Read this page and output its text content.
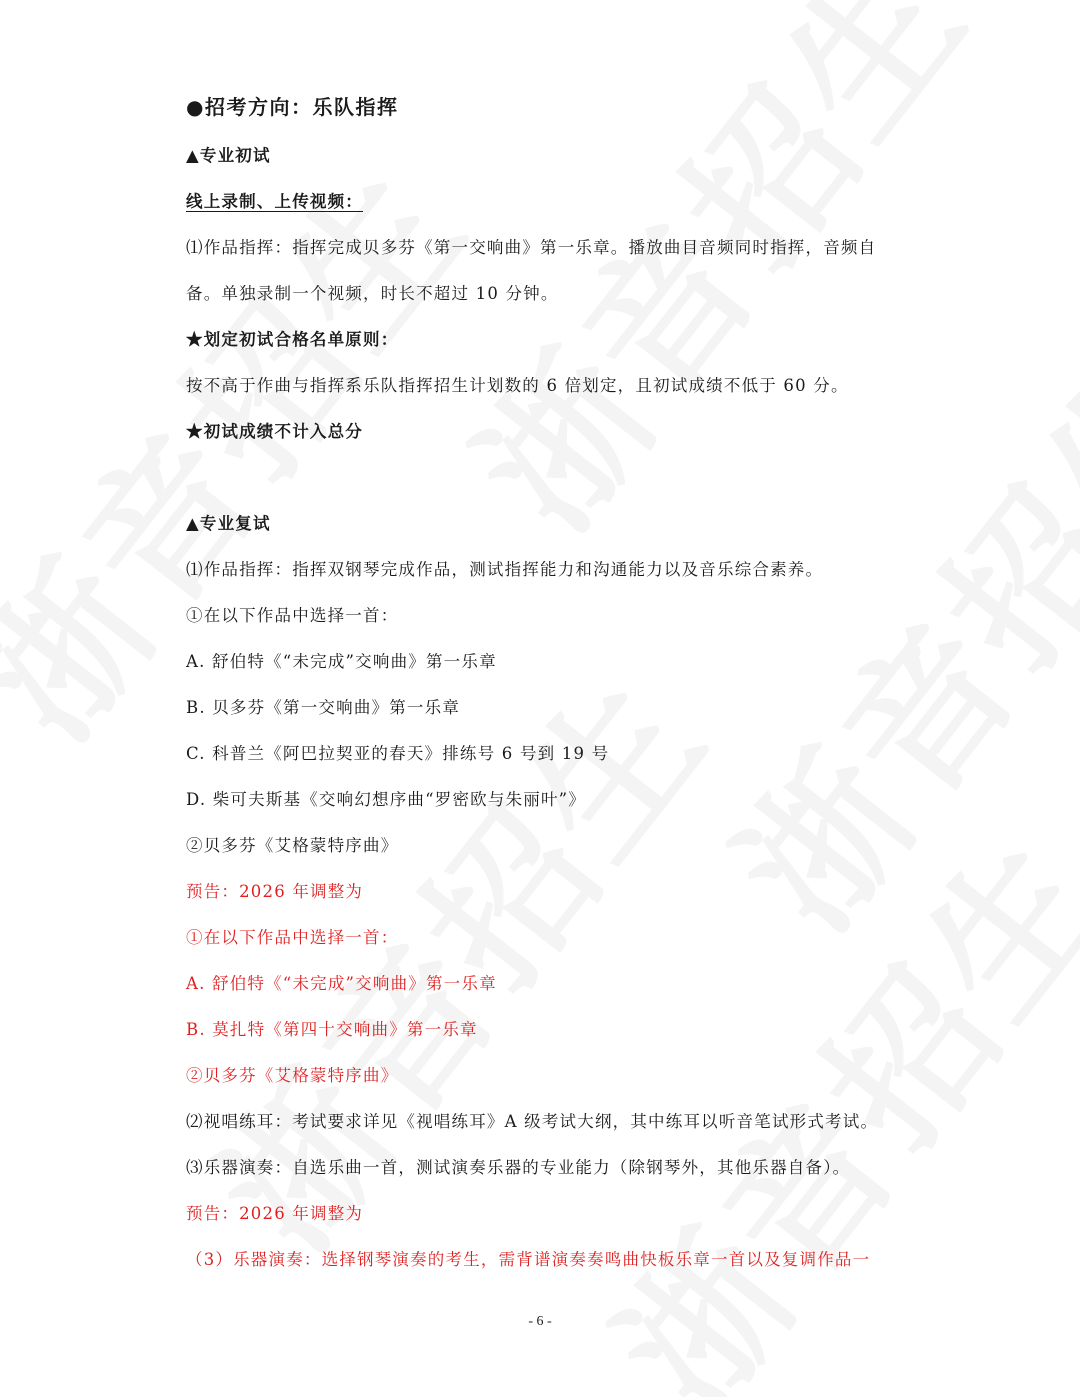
●招考方向：乐队指挥
▲专业初试
线上录制、上传视频：
⑴作品指挥：指挥完成贝多芬《第一交响曲》第一乐章。播放曲目音频同时指挥，音频自
备。单独录制一个视频，时长不超过 10 分钟。
★划定初试合格名单原则：
按不高于作曲与指挥系乐队指挥招生计划数的 6 倍划定，且初试成绩不低于 60 分。
★初试成绩不计入总分
▲专业复试
⑴作品指挥：指挥双钢琴完成作品，测试指挥能力和沟通能力以及音乐综合素养。
①在以下作品中选择一首：
A. 舒伯特《“未完成”交响曲》第一乐章
B. 贝多芬《第一交响曲》第一乐章
C. 科普兰《阿巴拉契亚的春天》排练号 6 号到 19 号
D. 柴可夫斯基《交响幻想序曲“罗密欧与朱丽叶”》
②贝多芬《艾格蒙特序曲》
预告：2026 年调整为
①在以下作品中选择一首：
A. 舒伯特《“未完成”交响曲》第一乐章
B. 莫扎特《第四十交响曲》第一乐章
②贝多芬《艾格蒙特序曲》
⑵视唱练耳：考试要求详见《视唱练耳》A 级考试大纲，其中练耳以听音笔试形式考试。
⑶乐器演奏：自选乐曲一首，测试演奏乐器的专业能力（除钢琴外，其他乐器自备）。
预告：2026 年调整为
（3）乐器演奏：选择钢琴演奏的考生，需背谱演奏奏鸣曲快板乐章一首以及复调作品一
- 6 -
